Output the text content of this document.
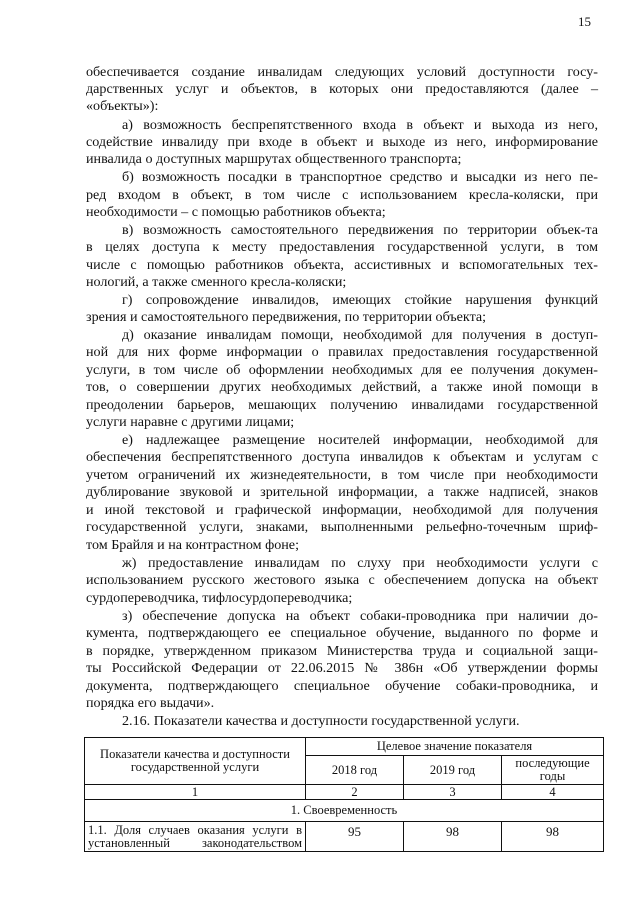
15
обеспечивается создание инвалидам следующих условий доступности госу-
дарственных услуг и объектов, в которых они предоставляются (далее –
«объекты»):
а) возможность беспрепятственного входа в объект и выхода из него,
содействие инвалиду при входе в объект и выходе из него, информирование
инвалида о доступных маршрутах общественного транспорта;
б) возможность посадки в транспортное средство и высадки из него пе-
ред входом в объект, в том числе с использованием кресла-коляски, при
необходимости – с помощью работников объекта;
в) возможность самостоятельного передвижения по территории объек-та
в целях доступа к месту предоставления государственной услуги, в том
числе с помощью работников объекта, ассистивных и вспомогательных тех-
нологий, а также сменного кресла-коляски;
г) сопровождение инвалидов, имеющих стойкие нарушения функций
зрения и самостоятельного передвижения, по территории объекта;
д) оказание инвалидам помощи, необходимой для получения в доступ-
ной для них форме информации о правилах предоставления государственной
услуги, в том числе об оформлении необходимых для ее получения докумен-
тов, о совершении других необходимых действий, а также иной помощи в
преодолении барьеров, мешающих получению инвалидами государственной
услуги наравне с другими лицами;
е) надлежащее размещение носителей информации, необходимой для
обеспечения беспрепятственного доступа инвалидов к объектам и услугам с
учетом ограничений их жизнедеятельности, в том числе при необходимости
дублирование звуковой и зрительной информации, а также надписей, знаков
и иной текстовой и графической информации, необходимой для получения
государственной услуги, знаками, выполненными рельефно-точечным шриф-
том Брайля и на контрастном фоне;
ж) предоставление инвалидам по слуху при необходимости услуги с
использованием русского жестового языка с обеспечением допуска на объект
сурдопереводчика, тифлосурдопереводчика;
з) обеспечение допуска на объект собаки-проводника при наличии до-
кумента, подтверждающего ее специальное обучение, выданного по форме и
в порядке, утвержденном приказом Министерства труда и социальной защи-
ты Российской Федерации от 22.06.2015 № 386н «Об утверждении формы
документа, подтверждающего специальное обучение собаки-проводника, и
порядка его выдачи».
2.16. Показатели качества и доступности государственной услуги.
Показатели качества и доступности государственной услуги	Целевое значение показателя		
	2018 год	2019 год	последующие годы
1	2	3	4
1. Своевременность			

1.1. Доля случаев оказания услуги в
установленный законодательством	95	98	98
